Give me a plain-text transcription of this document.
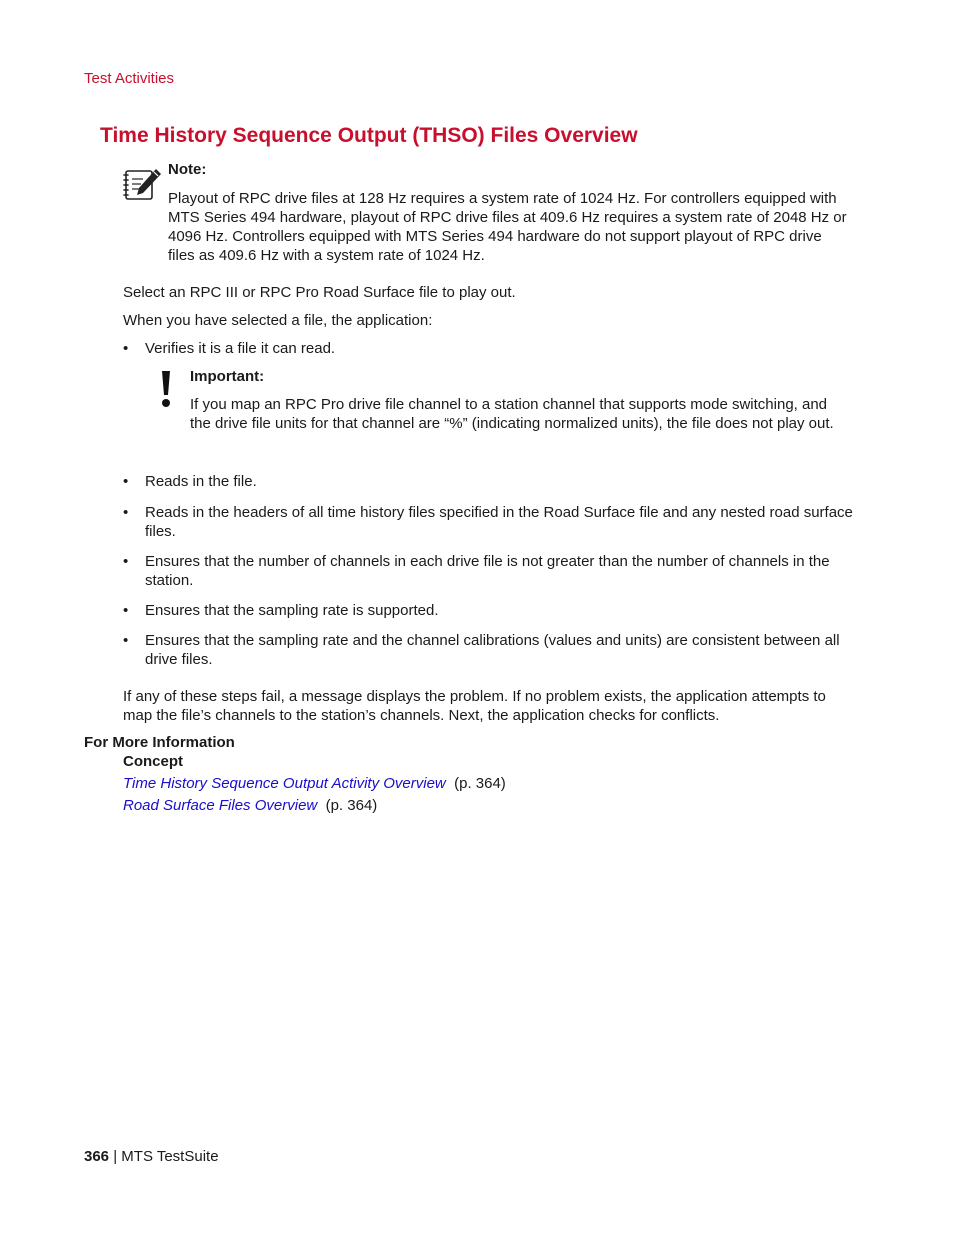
Test Activities
Time History Sequence Output (THSO) Files Overview
Note:
Playout of RPC drive files at 128 Hz requires a system rate of 1024 Hz. For controllers equipped with MTS Series 494 hardware, playout of RPC drive files at 409.6 Hz requires a system rate of 2048 Hz or 4096 Hz. Controllers equipped with MTS Series 494 hardware do not support playout of RPC drive files as 409.6 Hz with a system rate of 1024 Hz.
Select an RPC III or RPC Pro Road Surface file to play out.
When you have selected a file, the application:
• Verifies it is a file it can read.
Important:
If you map an RPC Pro drive file channel to a station channel that supports mode switching, and the drive file units for that channel are “%” (indicating normalized units), the file does not play out.
• Reads in the file.
• Reads in the headers of all time history files specified in the Road Surface file and any nested road surface files.
• Ensures that the number of channels in each drive file is not greater than the number of channels in the station.
• Ensures that the sampling rate is supported.
• Ensures that the sampling rate and the channel calibrations (values and units) are consistent between all drive files.
If any of these steps fail, a message displays the problem. If no problem exists, the application attempts to map the file’s channels to the station’s channels. Next, the application checks for conflicts.
For More Information
Concept
Time History Sequence Output Activity Overview (p. 364)
Road Surface Files Overview (p. 364)
366 | MTS TestSuite
